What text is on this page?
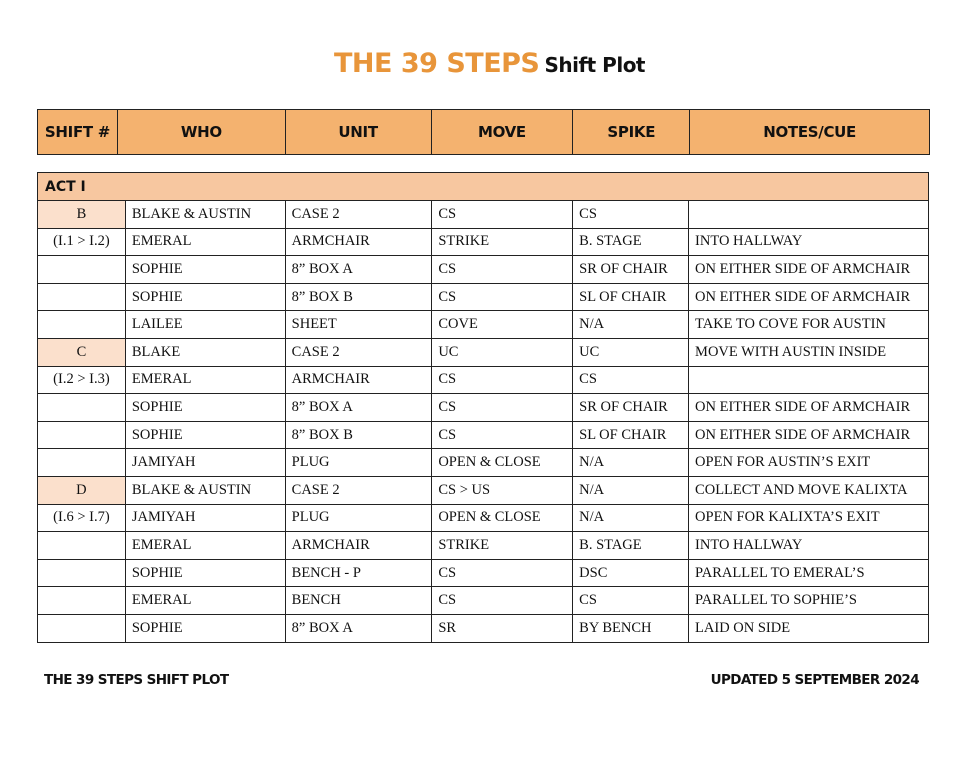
THE 39 STEPS Shift Plot
SHIFT #	WHO	UNIT	MOVE	SPIKE	NOTES/CUE
ACT I					
B	BLAKE & AUSTIN	CASE 2	CS	CS	
(I.1 > I.2)	EMERAL	ARMCHAIR	STRIKE	B. STAGE	INTO HALLWAY
	SOPHIE	8” BOX A	CS	SR OF CHAIR	ON EITHER SIDE OF ARMCHAIR
	SOPHIE	8” BOX B	CS	SL OF CHAIR	ON EITHER SIDE OF ARMCHAIR
	LAILEE	SHEET	COVE	N/A	TAKE TO COVE FOR AUSTIN
C	BLAKE	CASE 2	UC	UC	MOVE WITH AUSTIN INSIDE
(I.2 > I.3)	EMERAL	ARMCHAIR	CS	CS	
	SOPHIE	8” BOX A	CS	SR OF CHAIR	ON EITHER SIDE OF ARMCHAIR
	SOPHIE	8” BOX B	CS	SL OF CHAIR	ON EITHER SIDE OF ARMCHAIR
	JAMIYAH	PLUG	OPEN & CLOSE	N/A	OPEN FOR AUSTIN’S EXIT
D	BLAKE & AUSTIN	CASE 2	CS > US	N/A	COLLECT AND MOVE KALIXTA
(I.6 > I.7)	JAMIYAH	PLUG	OPEN & CLOSE	N/A	OPEN FOR KALIXTA’S EXIT
	EMERAL	ARMCHAIR	STRIKE	B. STAGE	INTO HALLWAY
	SOPHIE	BENCH - P	CS	DSC	PARALLEL TO EMERAL’S
	EMERAL	BENCH	CS	CS	PARALLEL TO SOPHIE’S
	SOPHIE	8” BOX A	SR	BY BENCH	LAID ON SIDE
THE 39 STEPS SHIFT PLOT	UPDATED 5 SEPTEMBER 2024
